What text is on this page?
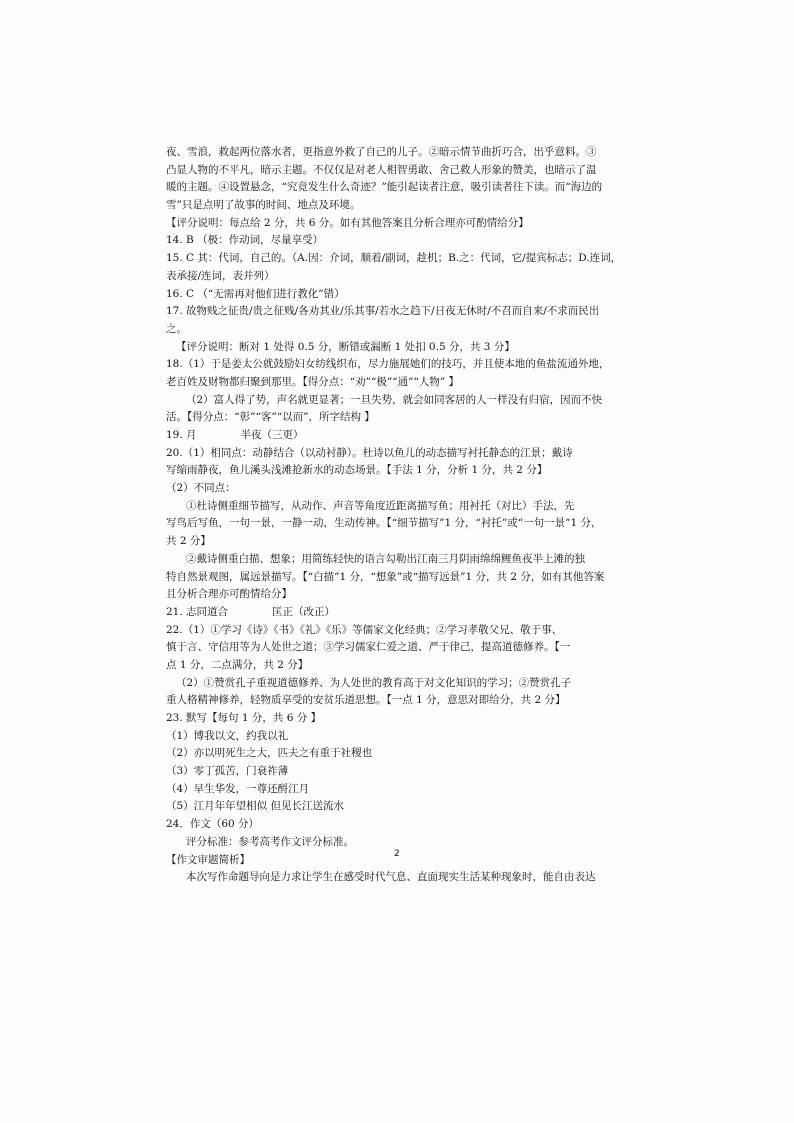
夜、雪浪，救起两位落水者，更指意外救了自己的儿子。②暗示情节曲折巧合，出乎意料。③
凸显人物的不平凡，暗示主题。不仅仅是对老人相智勇敢、舍己救人形象的赞美，也暗示了温
暖的主题。④设置悬念，“究竟发生什么奇迹？”能引起读者注意，吸引读者往下读。而“海边的
雪”只是点明了故事的时间、地点及环境。
【评分说明：每点给 2 分，共 6 分。如有其他答案且分析合理亦可酌情给分】
14. B （极：作动词，尽量享受）
15. C 其：代词，自己的。（A.因：介词，顺着/副词，趁机；B.之：代词，它/提宾标志；D.连词，
表承接/连词，表并列）
16. C （“无需再对他们进行教化”错）
17. 故物贱之征贵/贵之征贱/各劝其业/乐其事/若水之趋下/日夜无休时/不召而自来/不求而民出
之。
【评分说明：断对 1 处得 0.5 分，断错或漏断 1 处扣 0.5 分，共 3 分】
18.（1）于是姜太公就鼓励妇女纺线织布，尽力施展她们的技巧，并且使本地的鱼盐流通外地，
老百姓及财物都归聚到那里。【得分点：“劝”“极”“通”“人物” 】
（2）富人得了势，声名就更显著；一旦失势，就会如同客居的人一样没有归宿，因而不快
活。【得分点：“彰”“客”“以而”，所字结构 】
19. 月	半夜（三更）
20.（1）相同点：动静结合（以动衬静）。杜诗以鱼儿的动态描写衬托静态的江景；戴诗
写缩雨静夜，鱼儿溪头浅滩抢新水的动态场景。【手法 1 分，分析 1 分，共 2 分】
（2）不同点：
①杜诗侧重细节描写，从动作、声音等角度近距离描写鱼；用衬托（对比）手法，先
写鸟后写鱼，一句一景，一静一动，生动传神。【“细节描写”1 分，“衬托”或“一句一景”1 分，
共 2 分】
②戴诗侧重白描、想象；用简练轻快的语言勾勒出江南三月阴雨绵绵鲤鱼夜半上滩的独
特自然景观图，属远景描写。【“白描”1 分，“想象”或“描写远景”1 分，共 2 分，如有其他答案
且分析合理亦可酌情给分】
21. 志同道合	匡正（改正）
22.（1）①学习《诗》《书》《礼》《乐》等儒家文化经典；②学习孝敬父兄、敬于事、
慎于言、守信用等为人处世之道；③学习儒家仁爱之道、严于律己，提高道德修养。【一
点 1 分，二点满分，共 2 分】
（2）①赞赏孔子重视道德修养、为人处世的教育高于对文化知识的学习；②赞赏孔子
重人格精神修养，轻物质享受的安贫乐道思想。【一点 1 分，意思对即给分，共 2 分】
23. 默写【每句 1 分，共 6 分 】
（1）博我以文，约我以礼
（2）亦以明死生之大，匹夫之有重于社稷也
（3）零丁孤苦，门衰祚薄
（4）早生华发，一尊还酹江月
（5）江月年年望相似 但见长江送流水
24．作文（60 分）
评分标准：参考高考作文评分标准。
【作文审题简析】
本次写作命题导向是力求让学生在感受时代气息、直面现实生活某种现象时，能自由表达
2
